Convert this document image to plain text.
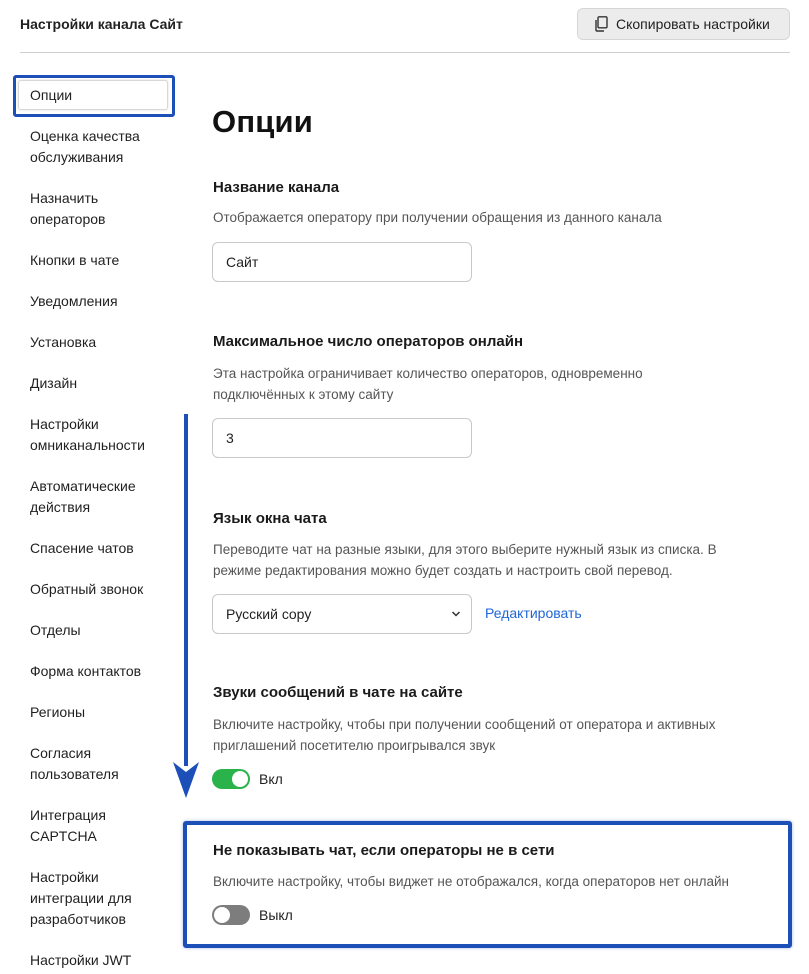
Настройки канала Сайт	Скопировать настройки
Опции
Оценка качества обслуживания
Назначить операторов
Кнопки в чате
Уведомления
Установка
Дизайн
Настройки омниканальности
Автоматические действия
Спасение чатов
Обратный звонок
Отделы
Форма контактов
Регионы
Согласия пользователя
Интеграция CAPTCHA
Настройки интеграции для разработчиков
Настройки JWT
Опции
Название канала
Отображается оператору при получении обращения из данного канала
Сайт
Максимальное число операторов онлайн
Эта настройка ограничивает количество операторов, одновременно подключённых к этому сайту
3
Язык окна чата
Переводите чат на разные языки, для этого выберите нужный язык из списка. В режиме редактирования можно будет создать и настроить свой перевод.
Русский copy	Редактировать
Звуки сообщений в чате на сайте
Включите настройку, чтобы при получении сообщений от оператора и активных приглашений посетителю проигрывался звук
Вкл
Не показывать чат, если операторы не в сети
Включите настройку, чтобы виджет не отображался, когда операторов нет онлайн
Выкл
